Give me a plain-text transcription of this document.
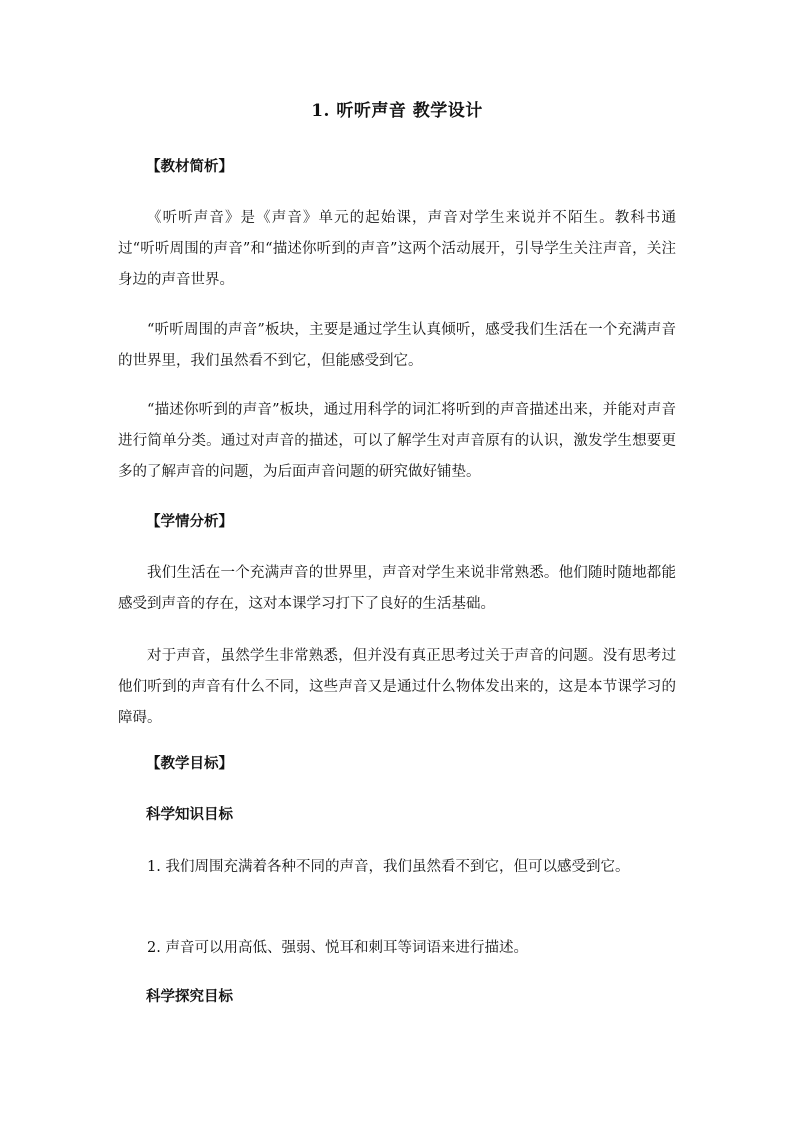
1. 听听声音 教学设计
【教材简析】
《听听声音》是《声音》单元的起始课，声音对学生来说并不陌生。教科书通过“听听周围的声音”和“描述你听到的声音”这两个活动展开，引导学生关注声音，关注身边的声音世界。
“听听周围的声音”板块，主要是通过学生认真倾听，感受我们生活在一个充满声音的世界里，我们虽然看不到它，但能感受到它。
“描述你听到的声音”板块，通过用科学的词汇将听到的声音描述出来，并能对声音进行简单分类。通过对声音的描述，可以了解学生对声音原有的认识，激发学生想要更多的了解声音的问题，为后面声音问题的研究做好铺垫。
【学情分析】
我们生活在一个充满声音的世界里，声音对学生来说非常熟悉。他们随时随地都能感受到声音的存在，这对本课学习打下了良好的生活基础。
对于声音，虽然学生非常熟悉，但并没有真正思考过关于声音的问题。没有思考过他们听到的声音有什么不同，这些声音又是通过什么物体发出来的，这是本节课学习的障碍。
【教学目标】
科学知识目标
1. 我们周围充满着各种不同的声音，我们虽然看不到它，但可以感受到它。
2. 声音可以用高低、强弱、悦耳和刺耳等词语来进行描述。
科学探究目标
